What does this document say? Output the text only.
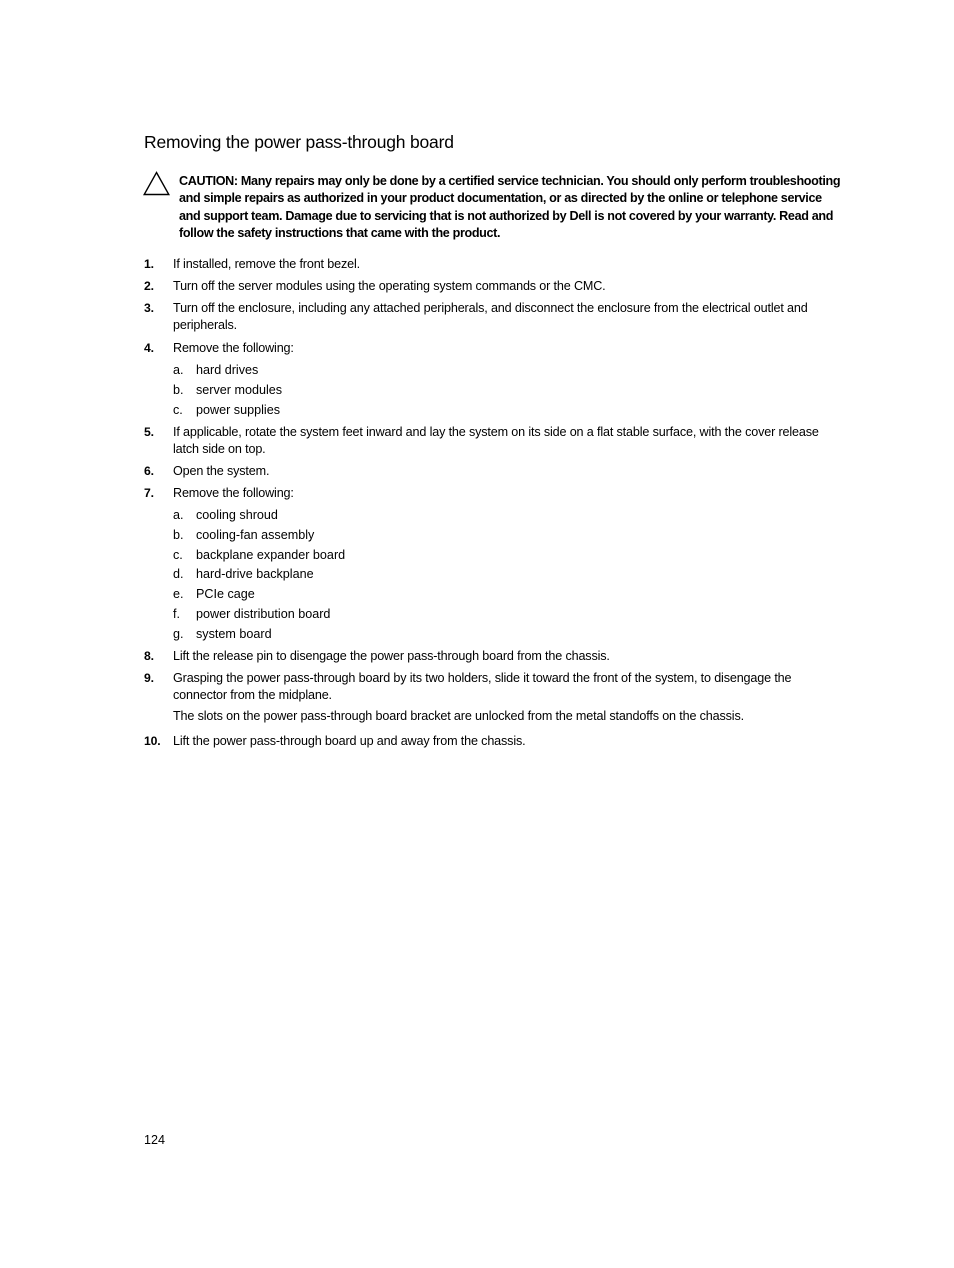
Removing the power pass-through board
CAUTION: Many repairs may only be done by a certified service technician. You should only perform troubleshooting and simple repairs as authorized in your product documentation, or as directed by the online or telephone service and support team. Damage due to servicing that is not authorized by Dell is not covered by your warranty. Read and follow the safety instructions that came with the product.
1. If installed, remove the front bezel.
2. Turn off the server modules using the operating system commands or the CMC.
3. Turn off the enclosure, including any attached peripherals, and disconnect the enclosure from the electrical outlet and peripherals.
4. Remove the following:
a. hard drives
b. server modules
c. power supplies
5. If applicable, rotate the system feet inward and lay the system on its side on a flat stable surface, with the cover release latch side on top.
6. Open the system.
7. Remove the following:
a. cooling shroud
b. cooling-fan assembly
c. backplane expander board
d. hard-drive backplane
e. PCIe cage
f. power distribution board
g. system board
8. Lift the release pin to disengage the power pass-through board from the chassis.
9. Grasping the power pass-through board by its two holders, slide it toward the front of the system, to disengage the connector from the midplane.
The slots on the power pass-through board bracket are unlocked from the metal standoffs on the chassis.
10. Lift the power pass-through board up and away from the chassis.
124
